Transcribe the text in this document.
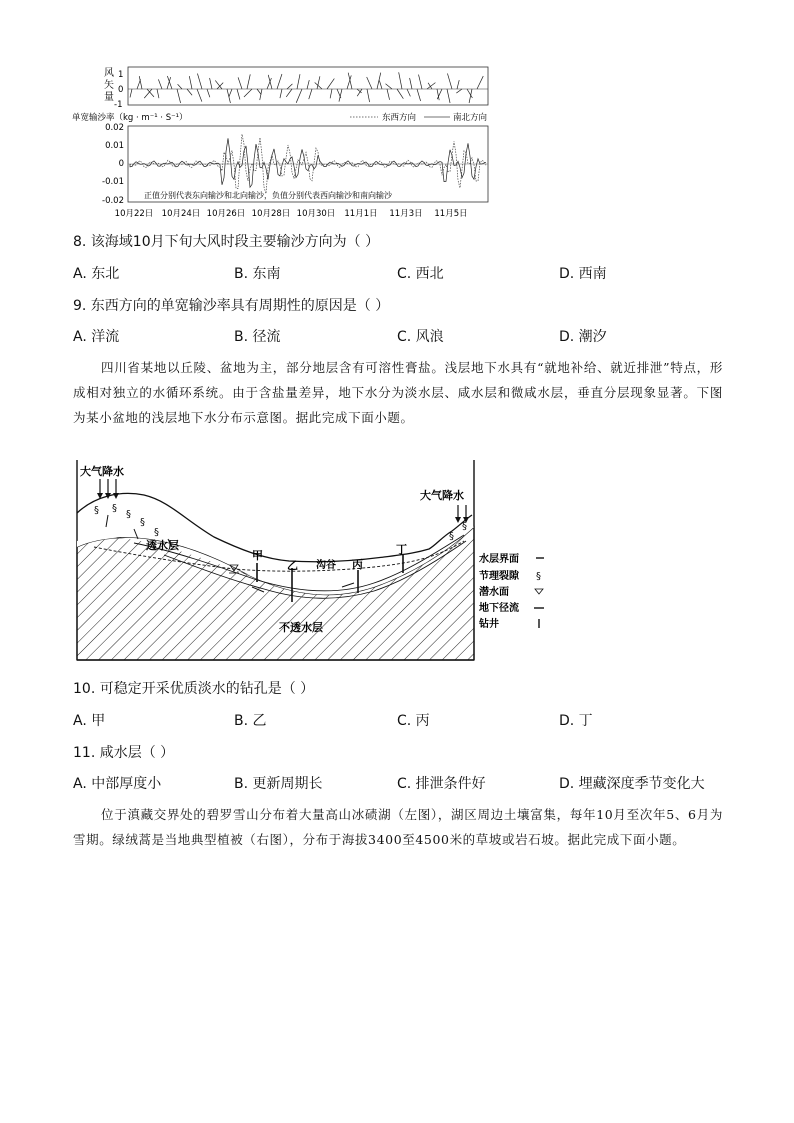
风
矢
量
1
0
-1
单宽输沙率（kg · m⁻¹ · S⁻¹）	东西方向	南北方向
0.02
0.01
0
-0.01
-0.02
正值分别代表东向输沙和北向输沙，负值分别代表西向输沙和南向输沙
10月22日 10月24日 10月26日 10月28日 10月30日 11月1日 11月3日 11月5日
8. 该海域10月下旬大风时段主要输沙方向为（ ）
A. 东北	B. 东南	C. 西北	D. 西南
9. 东西方向的单宽输沙率具有周期性的原因是（ ）
A. 洋流	B. 径流	C. 风浪	D. 潮汐
四川省某地以丘陵、盆地为主，部分地层含有可溶性膏盐。浅层地下水具有“就地补给、就近排泄”特点，形成相对独立的水循环系统。由于含盐量差异，地下水分为淡水层、咸水层和微咸水层，垂直分层现象显著。下图为某小盆地的浅层地下水分布示意图。据此完成下面小题。
大气降水
大气降水
§ §
§
§
§	§
§
透水层
甲
乙 沟谷 丙
丁
不透水层
水层界面
节理裂隙
潜水面
地下径流
钻井
§
10. 可稳定开采优质淡水的钻孔是（ ）
A. 甲	B. 乙	C. 丙	D. 丁
11. 咸水层（ ）
A. 中部厚度小	B. 更新周期长	C. 排泄条件好	D. 埋藏深度季节变化大
位于滇藏交界处的碧罗雪山分布着大量高山冰碛湖（左图），湖区周边土壤富集，每年10月至次年5、6月为雪期。绿绒蒿是当地典型植被（右图），分布于海拔3400至4500米的草坡或岩石坡。据此完成下面小题。
